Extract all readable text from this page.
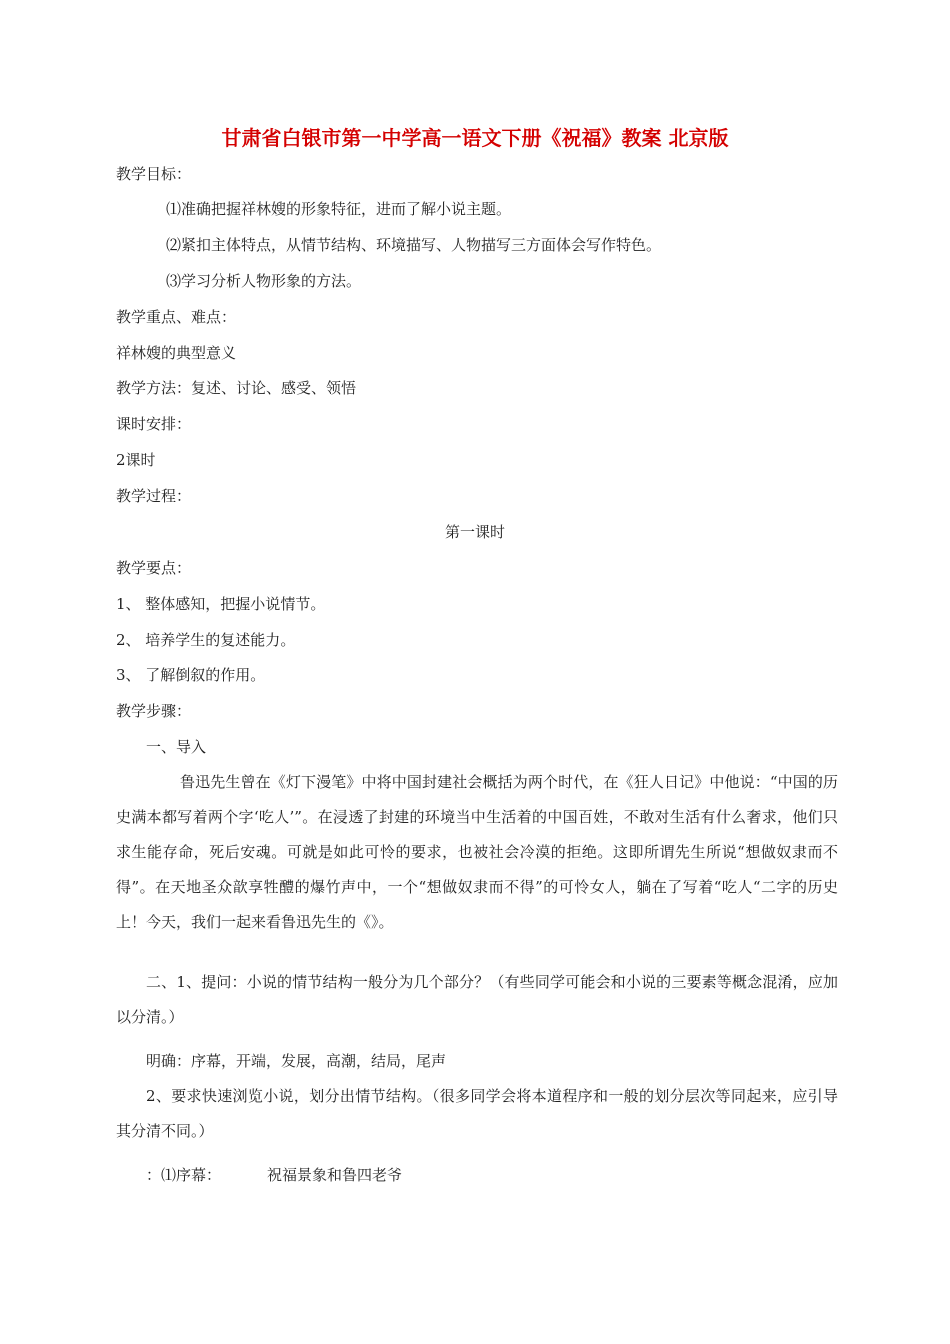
甘肃省白银市第一中学高一语文下册《祝福》教案 北京版
教学目标：
⑴准确把握祥林嫂的形象特征，进而了解小说主题。
⑵紧扣主体特点，从情节结构、环境描写、人物描写三方面体会写作特色。
⑶学习分析人物形象的方法。
教学重点、难点：
祥林嫂的典型意义
教学方法：复述、讨论、感受、领悟
课时安排：
2课时
教学过程：
第一课时
教学要点：
1、 整体感知，把握小说情节。
2、 培养学生的复述能力。
3、 了解倒叙的作用。
教学步骤：
一、导入
鲁迅先生曾在《灯下漫笔》中将中国封建社会概括为两个时代，在《狂人日记》中他说：“中国的历史满本都写着两个字‘吃人’”。在浸透了封建的环境当中生活着的中国百姓，不敢对生活有什么奢求，他们只求生能存命，死后安魂。可就是如此可怜的要求，也被社会冷漠的拒绝。这即所谓先生所说“想做奴隶而不得”。在天地圣众歆享牲醴的爆竹声中，一个“想做奴隶而不得”的可怜女人，躺在了写着“吃人“二字的历史上！今天，我们一起来看鲁迅先生的《》。
二、1、提问：小说的情节结构一般分为几个部分？（有些同学可能会和小说的三要素等概念混淆，应加以分清。）
明确：序幕，开端，发展，高潮，结局，尾声
2、要求快速浏览小说，划分出情节结构。（很多同学会将本道程序和一般的划分层次等同起来，应引导其分清不同。）
：⑴序幕：	祝福景象和鲁四老爷
